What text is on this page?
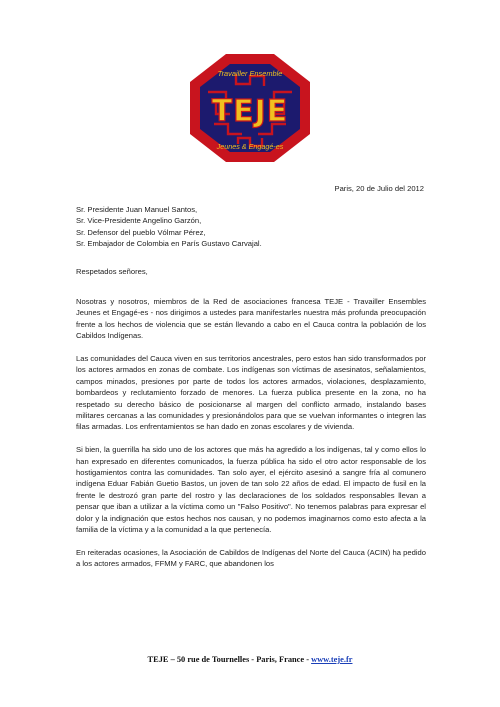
Travailler Ensemble
TEJE
Jeunes & Engagé-es
Paris, 20 de Julio del 2012
Sr. Presidente Juan Manuel Santos,
Sr. Vice-Presidente Angelino Garzón,
Sr. Defensor del pueblo Vólmar Pérez,
Sr. Embajador de Colombia en París Gustavo Carvajal.
Respetados señores,

Nosotras y nosotros, miembros de la Red de asociaciones francesa TEJE - Travailler Ensembles Jeunes et Engagé-es - nos dirigimos a ustedes para manifestarles nuestra más profunda preocupación frente a los hechos de violencia que se están llevando a cabo en el Cauca contra la población de los Cabildos Indígenas.

Las comunidades del Cauca viven en sus territorios ancestrales, pero estos han sido transformados por los actores armados en zonas de combate. Los indígenas son víctimas de asesinatos, señalamientos, campos minados, presiones por parte de todos los actores armados, violaciones, desplazamiento, bombardeos y reclutamiento forzado de menores. La fuerza publica presente en la zona, no ha respetado su derecho básico de posicionarse al margen del conflicto armado, instalando bases militares cercanas a las comunidades y presionándolos para que se vuelvan informantes o integren las filas armadas. Los enfrentamientos se han dado en zonas escolares y de vivienda.

Si bien, la guerrilla ha sido uno de los actores que más ha agredido a los indígenas, tal y como ellos lo han expresado en diferentes comunicados, la fuerza pública ha sido el otro actor responsable de los hostigamientos contra las comunidades. Tan solo ayer, el ejército asesinó a sangre fría al comunero indígena Eduar Fabián Guetio Bastos, un joven de tan solo 22 años de edad. El impacto de fusil en la frente le destrozó gran parte del rostro y las declaraciones de los soldados responsables llevan a pensar que iban a utilizar a la víctima como un "Falso Positivo". No tenemos palabras para expresar el dolor y la indignación que estos hechos nos causan, y no podemos imaginarnos como esto afecta a la familia de la víctima y a la comunidad a la que pertenecía.

En reiteradas ocasiones, la Asociación de Cabildos de Indígenas del Norte del Cauca (ACIN) ha pedido a los actores armados, FFMM y FARC, que abandonen los

TEJE – 50 rue de Tournelles - Paris, France - www.teje.fr
